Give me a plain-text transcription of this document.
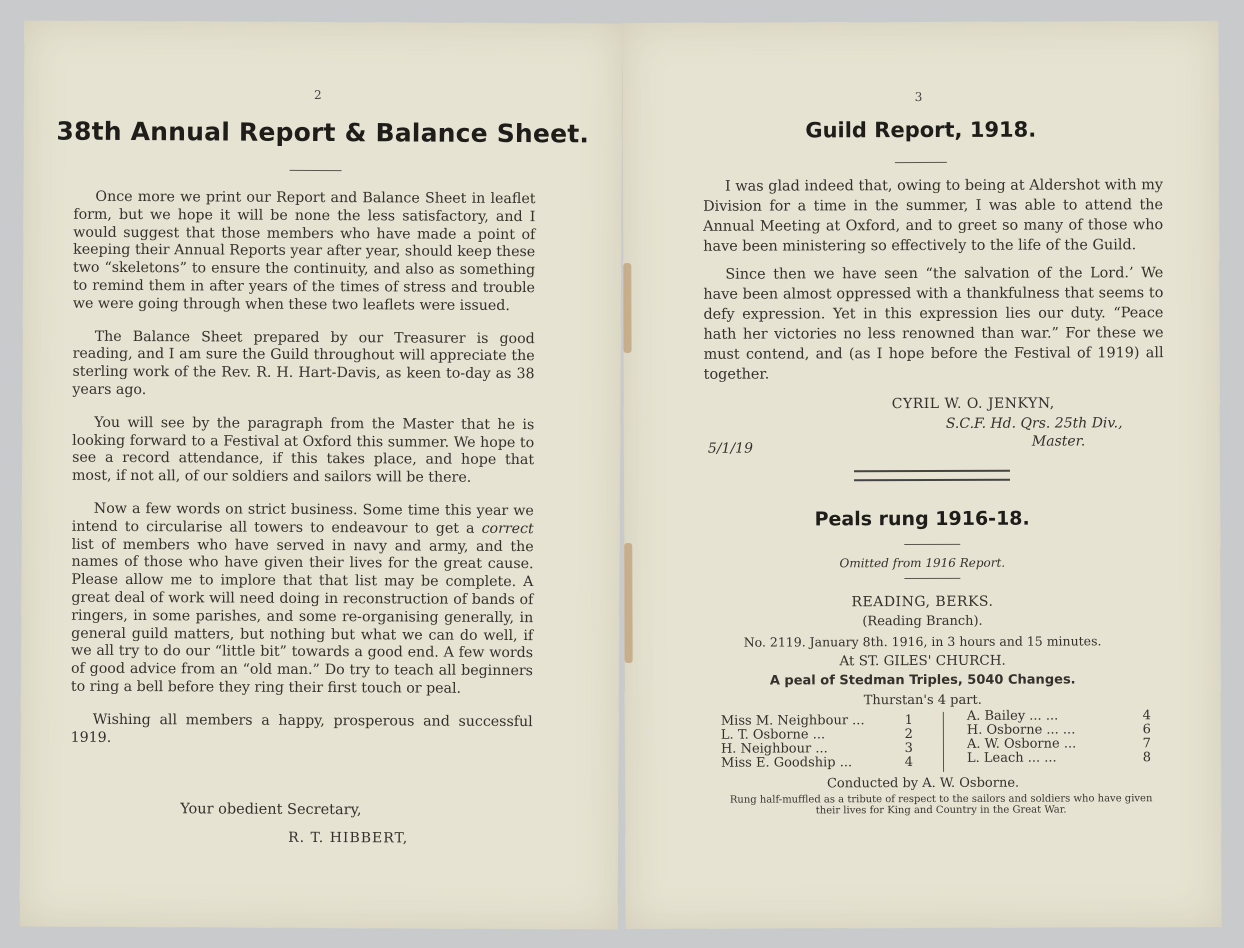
2
38th Annual Report & Balance Sheet.

Once more we print our Report and Balance Sheet in leaflet form, but we hope it will be none the less satisfactory, and I would suggest that those members who have made a point of keeping their Annual Reports year after year, should keep these two “skeletons” to ensure the continuity, and also as something to remind them in after years of the times of stress and trouble we were going through when these two leaflets were issued.

The Balance Sheet prepared by our Treasurer is good reading, and I am sure the Guild throughout will appreciate the sterling work of the Rev. R. H. Hart-Davis, as keen to-day as 38 years ago.

You will see by the paragraph from the Master that he is looking forward to a Festival at Oxford this summer. We hope to see a record attendance, if this takes place, and hope that most, if not all, of our soldiers and sailors will be there.

Now a few words on strict business. Some time this year we intend to circularise all towers to endeavour to get a correct list of members who have served in navy and army, and the names of those who have given their lives for the great cause. Please allow me to implore that that list may be complete. A great deal of work will need doing in reconstruction of bands of ringers, in some parishes, and some re-organising generally, in general guild matters, but nothing but what we can do well, if we all try to do our “little bit” towards a good end. A few words of good advice from an “old man.” Do try to teach all beginners to ring a bell before they ring their first touch or peal.

Wishing all members a happy, prosperous and successful 1919.

Your obedient Secretary,
R. T. HIBBERT,
3
Guild Report, 1918.

I was glad indeed that, owing to being at Aldershot with my Division for a time in the summer, I was able to attend the Annual Meeting at Oxford, and to greet so many of those who have been ministering so effectively to the life of the Guild.

Since then we have seen “the salvation of the Lord.’ We have been almost oppressed with a thankfulness that seems to defy expression. Yet in this expression lies our duty. “Peace hath her victories no less renowned than war.” For these we must contend, and (as I hope before the Festival of 1919) all together.

CYRIL W. O. JENKYN,
S.C.F. Hd. Qrs. 25th Div.,
Master.
5/1/19
Peals rung 1916-18.
Omitted from 1916 Report.
READING, BERKS.
(Reading Branch).
No. 2119. January 8th. 1916, in 3 hours and 15 minutes.
At ST. GILES' CHURCH.
A peal of Stedman Triples, 5040 Changes.
Thurstan's 4 part.
Miss M. Neighbour ...	1
L. T. Osborne ...	2
H. Neighbour ...	3
Miss E. Goodship ...	4
A. Bailey ... ...	4
H. Osborne ... ...	6
A. W. Osborne ...	7
L. Leach ... ...	8
Conducted by A. W. Osborne.
Rung half-muffled as a tribute of respect to the sailors and soldiers who have given their lives for King and Country in the Great War.
